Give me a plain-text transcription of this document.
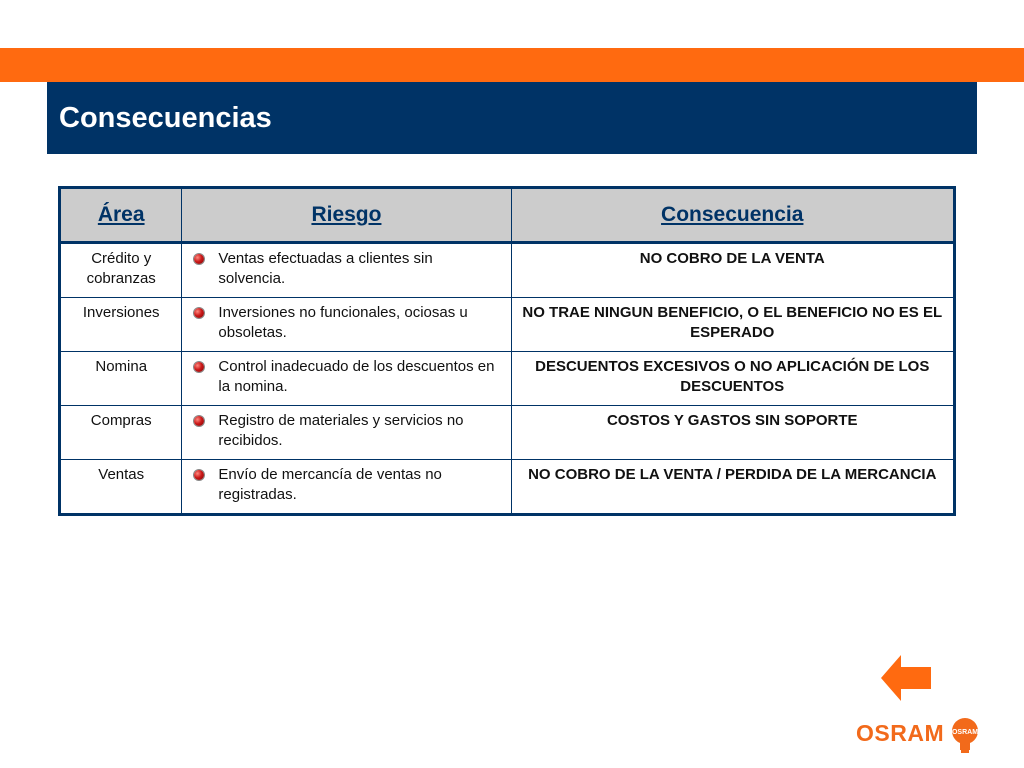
Consecuencias
Área	Riesgo	Consecuencia
Crédito y cobranzas	Ventas efectuadas a clientes sin solvencia.	NO COBRO DE LA VENTA
Inversiones	Inversiones no funcionales, ociosas u obsoletas.	NO TRAE NINGUN BENEFICIO, O EL BENEFICIO NO ES EL ESPERADO
Nomina	Control inadecuado de los descuentos en la nomina.	DESCUENTOS EXCESIVOS O NO APLICACIÓN DE LOS DESCUENTOS
Compras	Registro de materiales y servicios no recibidos.	COSTOS Y GASTOS SIN SOPORTE
Ventas	Envío de mercancía de ventas no registradas.	NO COBRO DE LA VENTA / PERDIDA DE LA MERCANCIA
OSRAM OSRAM
